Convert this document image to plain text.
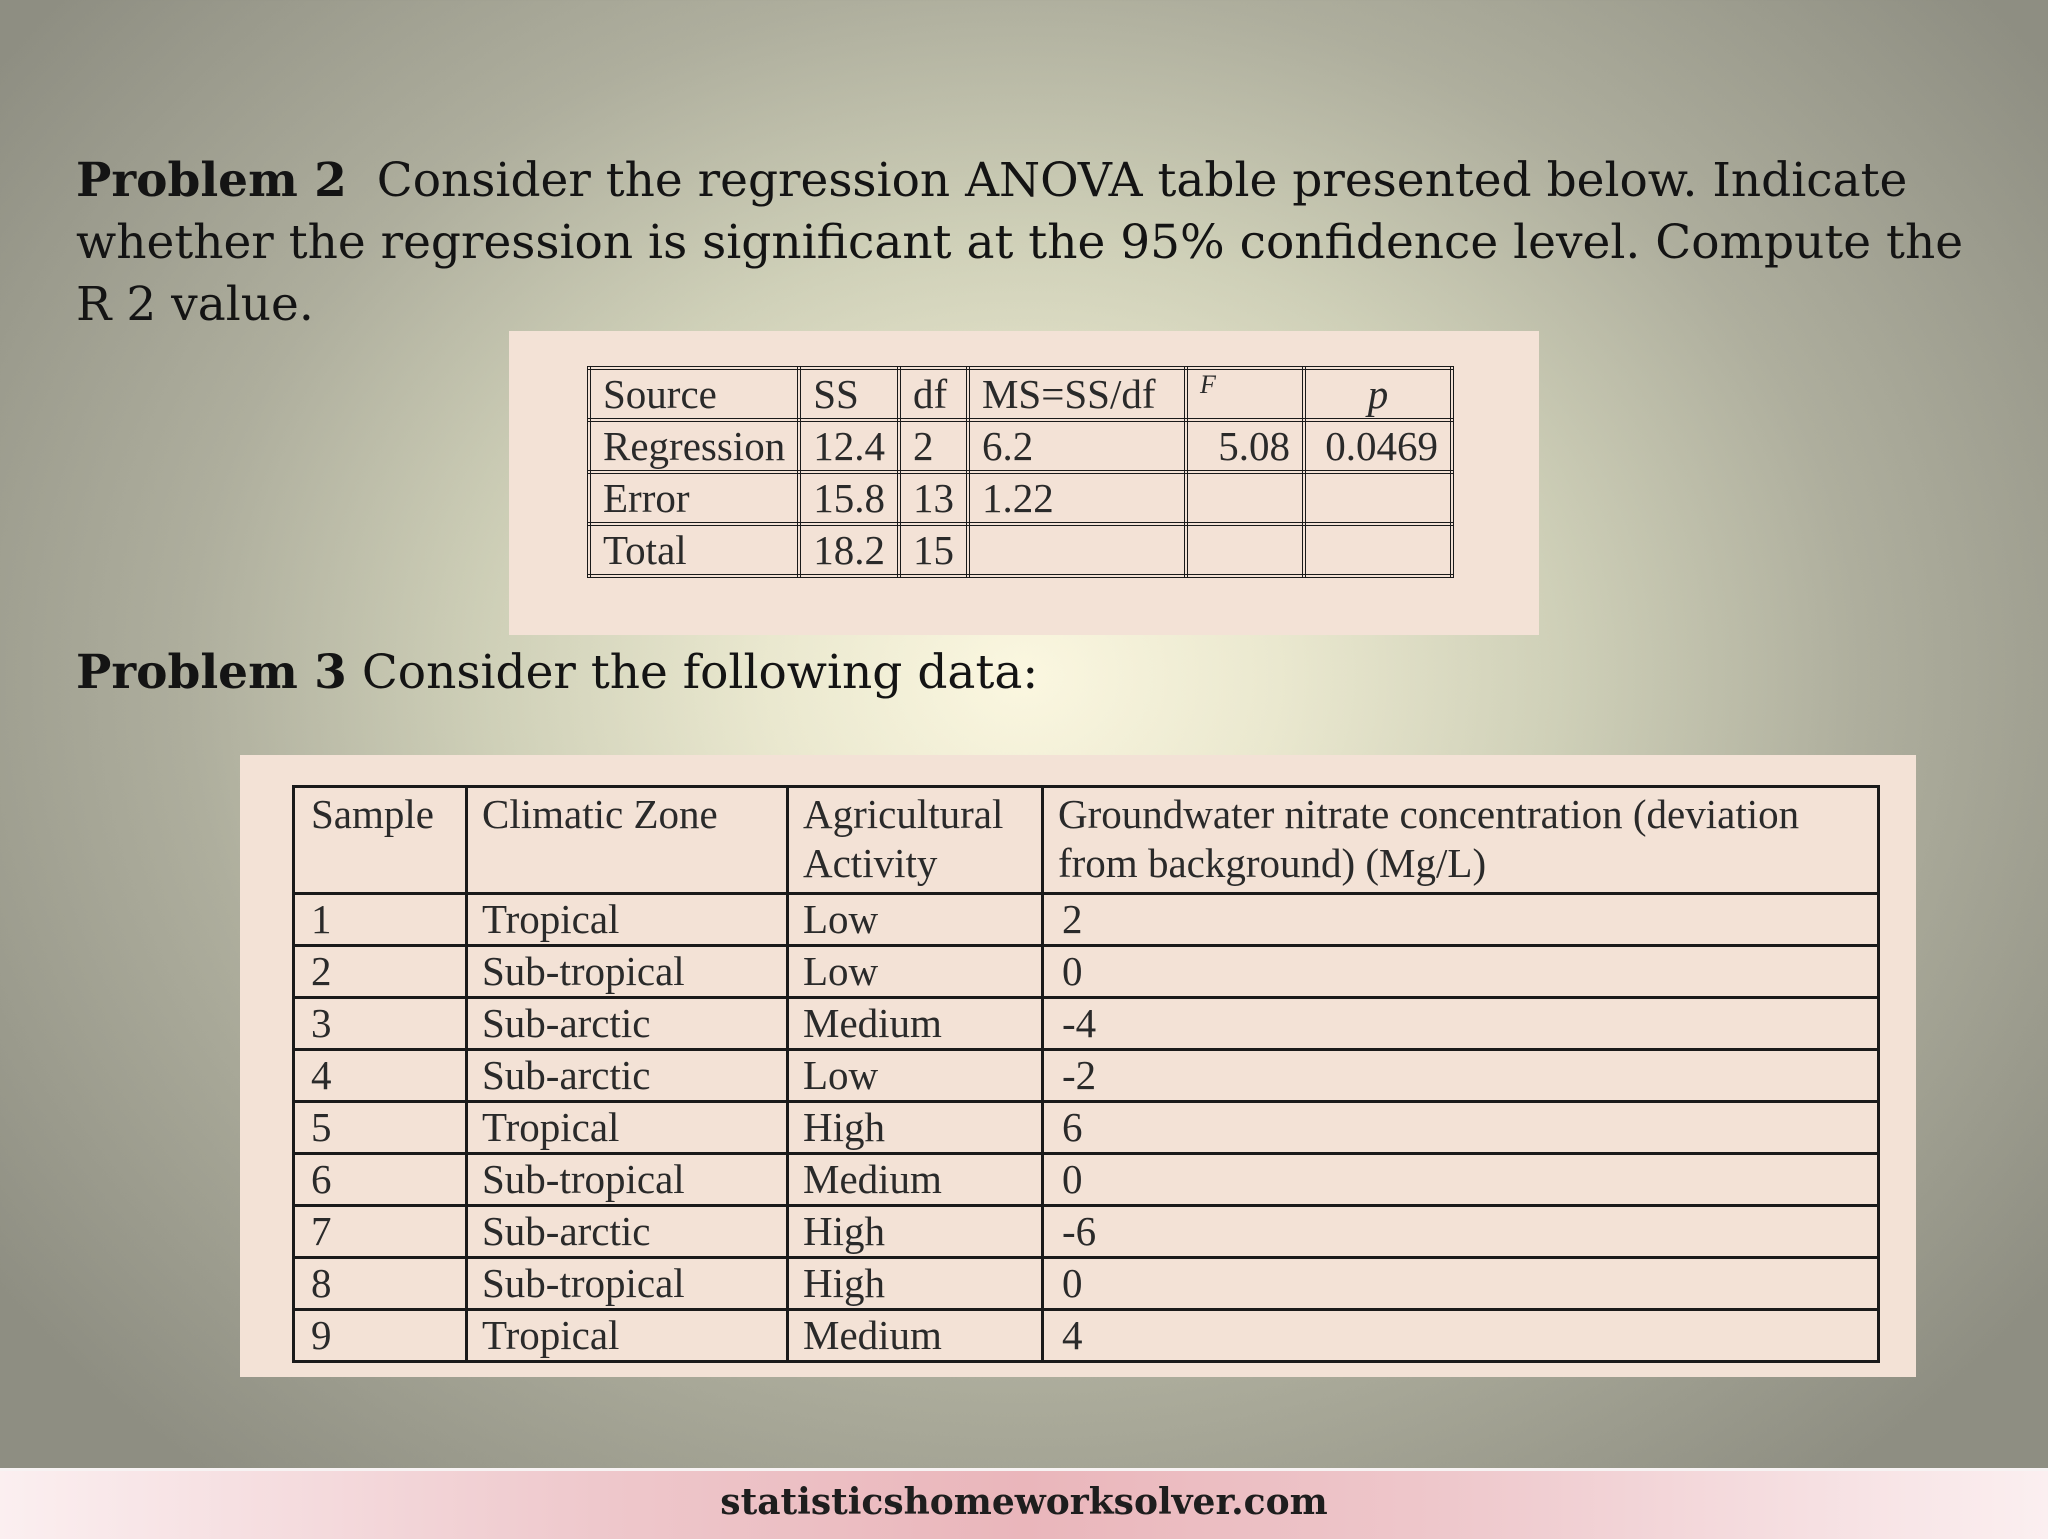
Problem 2 Consider the regression ANOVA table presented below. Indicate whether the regression is significant at the 95% confidence level. Compute the R 2 value.

Source	SS	df	MS=SS/df	F	p
Regression	12.4	2	6.2	5.08	0.0469
Error	15.8	13	1.22		
Total	18.2	15			

Problem 3 Consider the following data:

Sample	Climatic Zone	Agricultural Activity	Groundwater nitrate concentration (deviation from background) (Mg/L)
1	Tropical	Low	2
2	Sub-tropical	Low	0
3	Sub-arctic	Medium	-4
4	Sub-arctic	Low	-2
5	Tropical	High	6
6	Sub-tropical	Medium	0
7	Sub-arctic	High	-6
8	Sub-tropical	High	0
9	Tropical	Medium	4
statisticshomeworksolver.com
